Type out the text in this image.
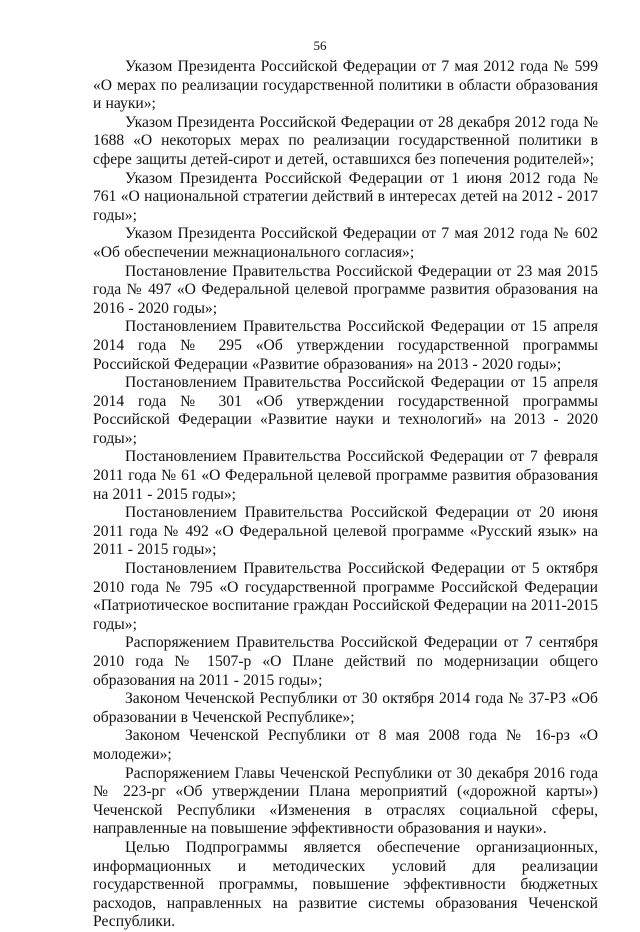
56

Указом Президента Российской Федерации от 7 мая 2012 года № 599 «О мерах по реализации государственной политики в области образования и науки»;

Указом Президента Российской Федерации от 28 декабря 2012 года № 1688 «О некоторых мерах по реализации государственной политики в сфере защиты детей-сирот и детей, оставшихся без попечения родителей»;

Указом Президента Российской Федерации от 1 июня 2012 года № 761 «О национальной стратегии действий в интересах детей на 2012 - 2017 годы»;

Указом Президента Российской Федерации от 7 мая 2012 года № 602 «Об обеспечении межнационального согласия»;

Постановление Правительства Российской Федерации от 23 мая 2015 года № 497 «О Федеральной целевой программе развития образования на 2016 - 2020 годы»;

Постановлением Правительства Российской Федерации от 15 апреля 2014 года № 295 «Об утверждении государственной программы Российской Федерации «Развитие образования» на 2013 - 2020 годы»;

Постановлением Правительства Российской Федерации от 15 апреля 2014 года № 301 «Об утверждении государственной программы Российской Федерации «Развитие науки и технологий» на 2013 - 2020 годы»;

Постановлением Правительства Российской Федерации от 7 февраля 2011 года № 61 «О Федеральной целевой программе развития образования на 2011 - 2015 годы»;

Постановлением Правительства Российской Федерации от 20 июня 2011 года № 492 «О Федеральной целевой программе «Русский язык» на 2011 - 2015 годы»;

Постановлением Правительства Российской Федерации от 5 октября 2010 года № 795 «О государственной программе Российской Федерации «Патриотическое воспитание граждан Российской Федерации на 2011-2015 годы»;

Распоряжением Правительства Российской Федерации от 7 сентября 2010 года № 1507-р «О Плане действий по модернизации общего образования на 2011 - 2015 годы»;

Законом Чеченской Республики от 30 октября 2014 года № 37-РЗ «Об образовании в Чеченской Республике»;

Законом Чеченской Республики от 8 мая 2008 года № 16-рз «О молодежи»;

Распоряжением Главы Чеченской Республики от 30 декабря 2016 года № 223-рг «Об утверждении Плана мероприятий («дорожной карты») Чеченской Республики «Изменения в отраслях социальной сферы, направленные на повышение эффективности образования и науки».

Целью Подпрограммы является обеспечение организационных, информационных и методических условий для реализации государственной программы, повышение эффективности бюджетных расходов, направленных на развитие системы образования Чеченской Республики.
